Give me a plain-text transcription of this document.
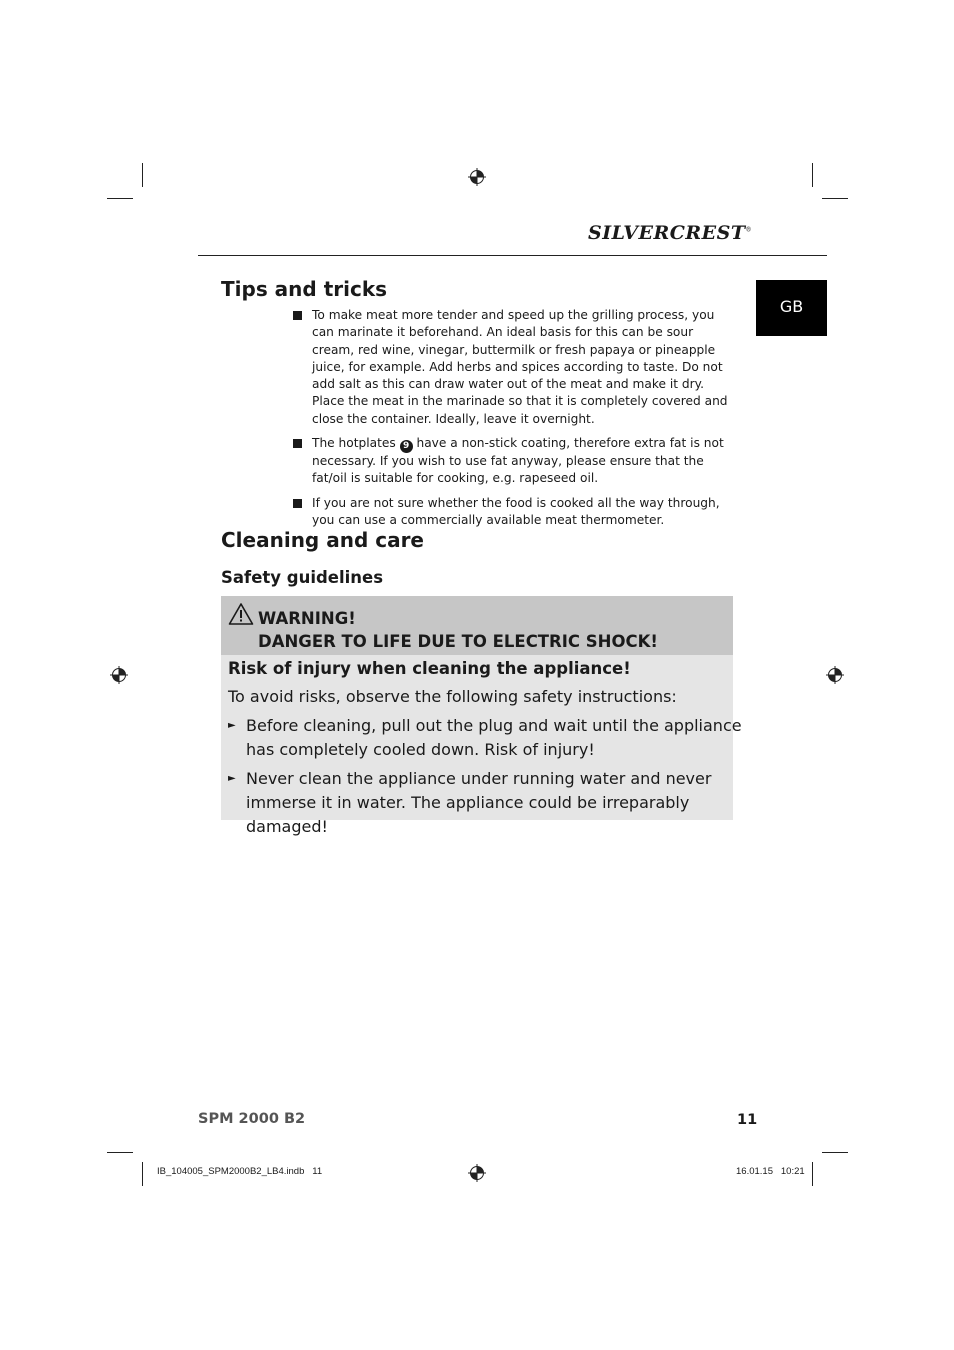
SILVERCREST®
GB
Tips and tricks
To make meat more tender and speed up the grilling process, you can marinate it beforehand. An ideal basis for this can be sour cream, red wine, vinegar, buttermilk or fresh papaya or pineapple juice, for example. Add herbs and spices according to taste. Do not add salt as this can draw water out of the meat and make it dry. Place the meat in the marinade so that it is completely covered and close the container. Ideally, leave it overnight.
The hotplates 9 have a non-stick coating, therefore extra fat is not necessary. If you wish to use fat anyway, please ensure that the fat/oil is suitable for cooking, e.g. rapeseed oil.
If you are not sure whether the food is cooked all the way through, you can use a commercially available meat thermometer.
Cleaning and care
Safety guidelines
WARNING!
DANGER TO LIFE DUE TO ELECTRIC SHOCK!
Risk of injury when cleaning the appliance!
To avoid risks, observe the following safety instructions:
► Before cleaning, pull out the plug and wait until the appliance has completely cooled down. Risk of injury!
► Never clean the appliance under running water and never immerse it in water. The appliance could be irreparably damaged!
SPM 2000 B2	11
IB_104005_SPM2000B2_LB4.indb   11	16.01.15   10:21
